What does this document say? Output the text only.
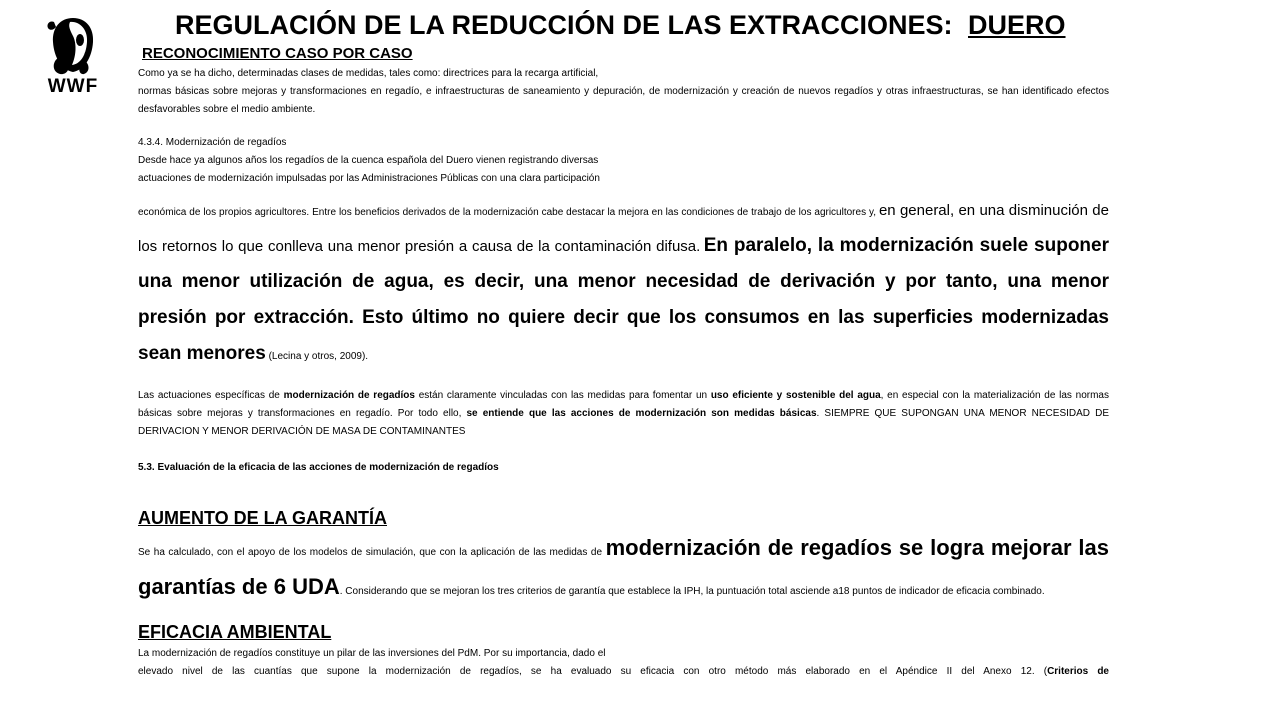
WWF
REGULACIÓN DE LA REDUCCIÓN DE LAS EXTRACCIONES: DUERO
RECONOCIMIENTO CASO POR CASO
Como ya se ha dicho, determinadas clases de medidas, tales como: directrices para la recarga artificial,

normas básicas sobre mejoras y transformaciones en regadío, e infraestructuras de saneamiento y depuración, de modernización y creación de nuevos regadíos y otras infraestructuras, se han identificado efectos desfavorables sobre el medio ambiente.

4.3.4. Modernización de regadíos
Desde hace ya algunos años los regadíos de la cuenca española del Duero vienen registrando diversas
actuaciones de modernización impulsadas por las Administraciones Públicas con una clara participación

económica de los propios agricultores. Entre los beneficios derivados de la modernización cabe destacar la mejora en las condiciones de trabajo de los agricultores y, en general, en una disminución de los retornos lo que conlleva una menor presión a causa de la contaminación difusa. En paralelo, la modernización suele suponer una menor utilización de agua, es decir, una menor necesidad de derivación y por tanto, una menor presión por extracción. Esto último no quiere decir que los consumos en las superficies modernizadas sean menores (Lecina y otros, 2009).

Las actuaciones específicas de modernización de regadíos están claramente vinculadas con las medidas para fomentar un uso eficiente y sostenible del agua, en especial con la materialización de las normas básicas sobre mejoras y transformaciones en regadío. Por todo ello, se entiende que las acciones de modernización son medidas básicas. SIEMPRE QUE SUPONGAN UNA MENOR NECESIDAD DE DERIVACION Y MENOR DERIVACIÓN DE MASA DE CONTAMINANTES

5.3. Evaluación de la eficacia de las acciones de modernización de regadíos
AUMENTO DE LA GARANTÍA

Se ha calculado, con el apoyo de los modelos de simulación, que con la aplicación de las medidas de modernización de regadíos se logra mejorar las garantías de 6 UDA. Considerando que se mejoran los tres criterios de garantía que establece la IPH, la puntuación total asciende a18 puntos de indicador de eficacia combinado.

EFICACIA AMBIENTAL
La modernización de regadíos constituye un pilar de las inversiones del PdM. Por su importancia, dado el
elevado nivel de las cuantías que supone la modernización de regadíos, se ha evaluado su eficacia con otro método más elaborado en el Apéndice II del Anexo 12. (Criterios de
